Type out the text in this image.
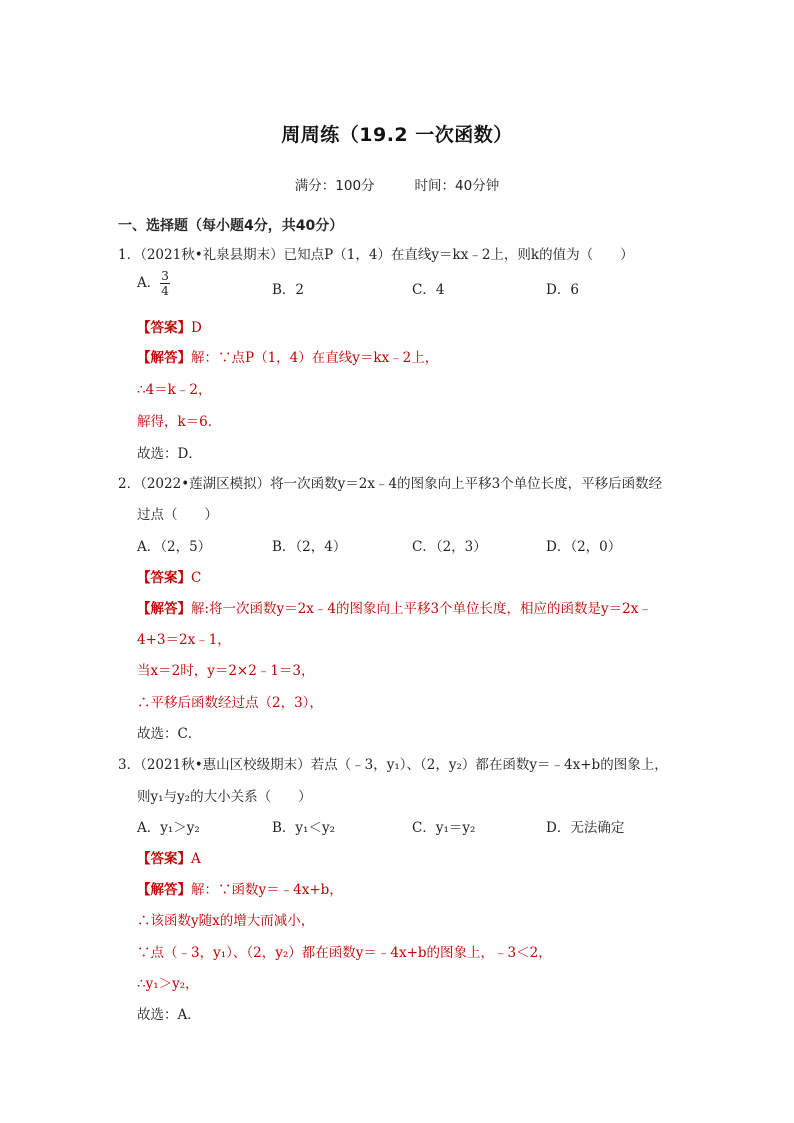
周周练（19.2 一次函数）
满分：100分	时间：40分钟
一、选择题（每小题4分，共40分）
1．（2021秋•礼泉县期末）已知点P（1，4）在直线y＝kx﹣2上，则k的值为（　　）
A． $\frac{3}{4}$	B．2	C．4	D．6
【答案】D
【解答】解：∵点P（1，4）在直线y＝kx﹣2上，
∴4＝k﹣2，
解得，k＝6．
故选：D．
2．（2022•莲湖区模拟）将一次函数y＝2x﹣4的图象向上平移3个单位长度，平移后函数经
过点（　　）
A．（2，5）	B．（2，4）	C．（2，3）	D．（2，0）
【答案】C
【解答】解:将一次函数y＝2x﹣4的图象向上平移3个单位长度，相应的函数是y＝2x﹣
4+3＝2x﹣1，
当x＝2时，y＝2×2﹣1＝3，
∴平移后函数经过点（2，3），
故选：C．
3．（2021秋•惠山区校级期末）若点（﹣3，y₁）、（2，y₂）都在函数y＝﹣4x+b的图象上，
则y₁与y₂的大小关系（　　）
A．y₁＞y₂	B．y₁＜y₂	C．y₁＝y₂	D．无法确定
【答案】A
【解答】解：∵函数y＝﹣4x+b，
∴该函数y随x的增大而减小，
∵点（﹣3，y₁）、（2，y₂）都在函数y＝﹣4x+b的图象上，﹣3＜2，
∴y₁＞y₂，
故选：A．
